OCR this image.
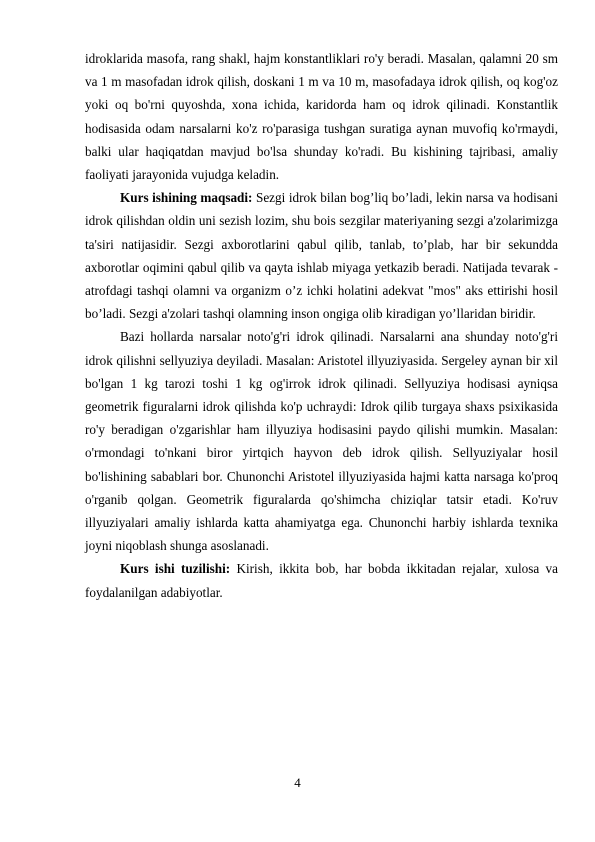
idroklarida masofa, rang shakl, hajm konstantliklari ro'y beradi. Masalan, qalamni 20 sm va 1 m masofadan idrok qilish, doskani 1 m va 10 m, masofadaya idrok qilish, oq kog'oz yoki oq bo'rni quyoshda, xona ichida, karidorda ham oq idrok qilinadi. Konstantlik hodisasida odam narsalarni ko'z ro'parasiga tushgan suratiga aynan muvofiq ko'rmaydi, balki ular haqiqatdan mavjud bo'lsa shunday ko'radi. Bu kishining tajribasi, amaliy faoliyati jarayonida vujudga keladin.

Kurs ishining maqsadi: Sezgi idrok bilan bog’liq bo’ladi, lekin narsa va hodisani idrok qilishdan oldin uni sezish lozim, shu bois sezgilar materiyaning sezgi a'zolarimizga ta'siri natijasidir. Sezgi axborotlarini qabul qilib, tanlab, to’plab, har bir sekundda axborotlar oqimini qabul qilib va qayta ishlab miyaga yetkazib beradi. Natijada tevarak - atrofdagi tashqi olamni va organizm o’z ichki holatini adekvat "mos" aks ettirishi hosil bo’ladi. Sezgi a'zolari tashqi olamning inson ongiga olib kiradigan yo’llaridan biridir.

Bazi hollarda narsalar noto'g'ri idrok qilinadi. Narsalarni ana shunday noto'g'ri idrok qilishni sellyuziya deyiladi. Masalan: Aristotel illyuziyasida. Sergeley aynan bir xil bo'lgan 1 kg tarozi toshi 1 kg og'irrok idrok qilinadi. Sellyuziya hodisasi ayniqsa geometrik figuralarni idrok qilishda ko'p uchraydi: Idrok qilib turgaya shaxs psixikasida ro'y beradigan o'zgarishlar ham illyuziya hodisasini paydo qilishi mumkin. Masalan: o'rmondagi to'nkani biror yirtqich hayvon deb idrok qilish. Sellyuziyalar hosil bo'lishining sabablari bor. Chunonchi Aristotel illyuziyasida hajmi katta narsaga ko'proq o'rganib qolgan. Geometrik figuralarda qo'shimcha chiziqlar tatsir etadi. Ko'ruv illyuziyalari amaliy ishlarda katta ahamiyatga ega. Chunonchi harbiy ishlarda texnika joyni niqoblash shunga asoslanadi.

Kurs ishi tuzilishi: Kirish, ikkita bob, har bobda ikkitadan rejalar, xulosa va foydalanilgan adabiyotlar.

4
